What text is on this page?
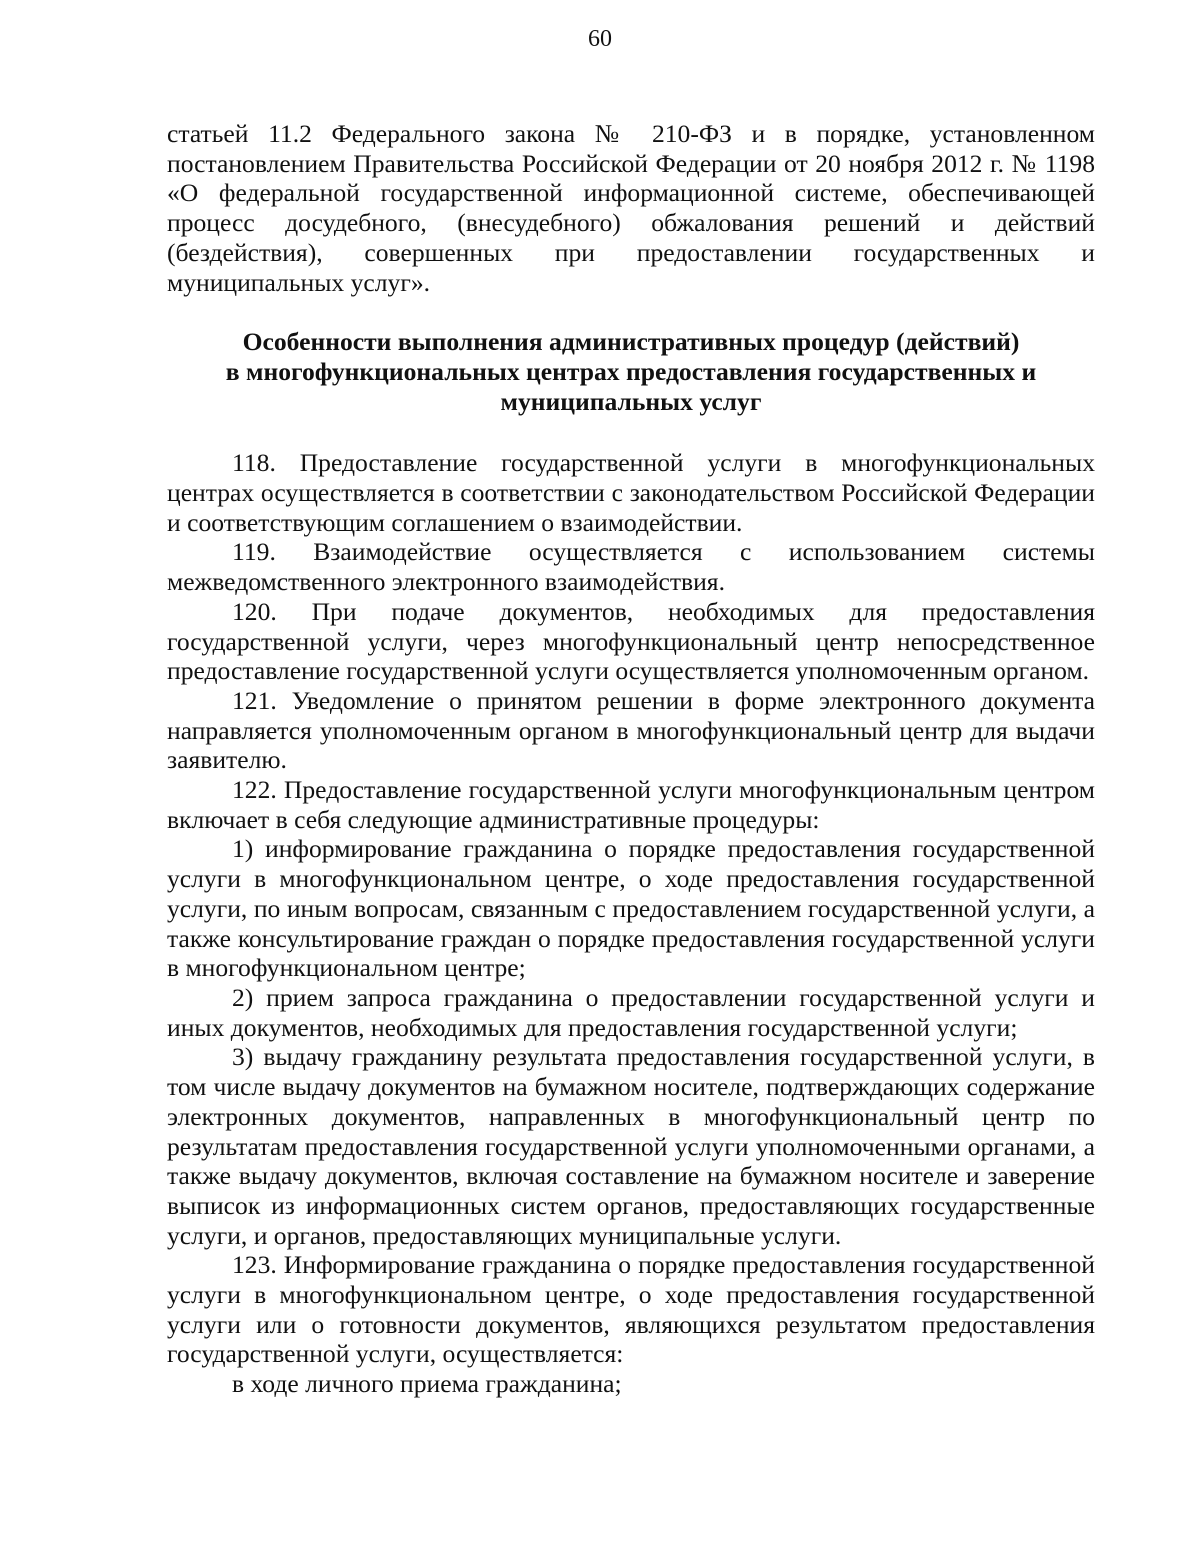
60

статьей 11.2 Федерального закона № 210-ФЗ и в порядке, установленном постановлением Правительства Российской Федерации от 20 ноября 2012 г. № 1198 «О федеральной государственной информационной системе, обеспечивающей процесс досудебного, (внесудебного) обжалования решений и действий (бездействия), совершенных при предоставлении государственных и муниципальных услуг».

Особенности выполнения административных процедур (действий)
в многофункциональных центрах предоставления государственных и
муниципальных услуг

118. Предоставление государственной услуги в многофункциональных центрах осуществляется в соответствии с законодательством Российской Федерации и соответствующим соглашением о взаимодействии.

119. Взаимодействие осуществляется с использованием системы межведомственного электронного взаимодействия.

120. При подаче документов, необходимых для предоставления государственной услуги, через многофункциональный центр непосредственное предоставление государственной услуги осуществляется уполномоченным органом.

121. Уведомление о принятом решении в форме электронного документа направляется уполномоченным органом в многофункциональный центр для выдачи заявителю.

122. Предоставление государственной услуги многофункциональным центром включает в себя следующие административные процедуры:

1) информирование гражданина о порядке предоставления государственной услуги в многофункциональном центре, о ходе предоставления государственной услуги, по иным вопросам, связанным с предоставлением государственной услуги, а также консультирование граждан о порядке предоставления государственной услуги в многофункциональном центре;

2) прием запроса гражданина о предоставлении государственной услуги и иных документов, необходимых для предоставления государственной услуги;

3) выдачу гражданину результата предоставления государственной услуги, в том числе выдачу документов на бумажном носителе, подтверждающих содержание электронных документов, направленных в многофункциональный центр по результатам предоставления государственной услуги уполномоченными органами, а также выдачу документов, включая составление на бумажном носителе и заверение выписок из информационных систем органов, предоставляющих государственные услуги, и органов, предоставляющих муниципальные услуги.

123. Информирование гражданина о порядке предоставления государственной услуги в многофункциональном центре, о ходе предоставления государственной услуги или о готовности документов, являющихся результатом предоставления государственной услуги, осуществляется:

в ходе личного приема гражданина;
